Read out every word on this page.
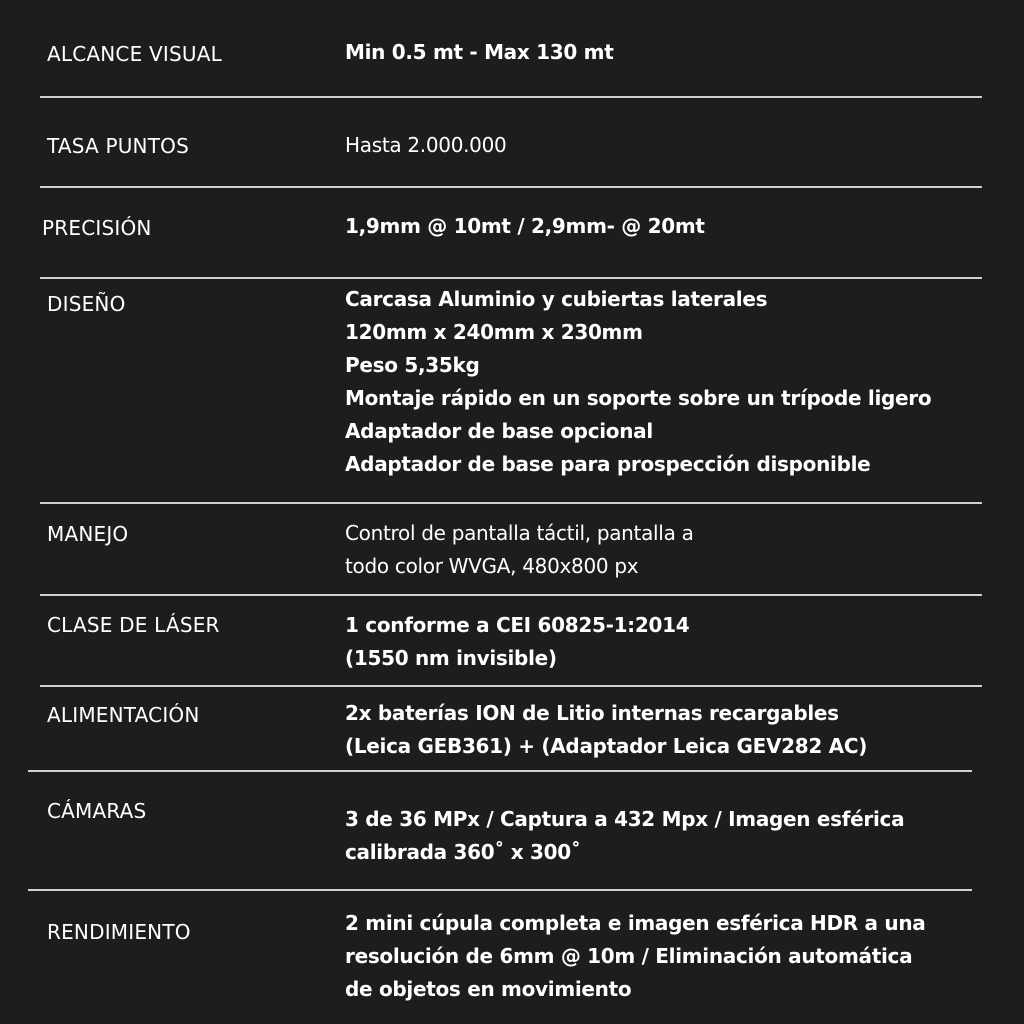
ALCANCE VISUAL	Min 0.5 mt - Max 130 mt
TASA PUNTOS	Hasta 2.000.000
PRECISIÓN	1,9mm @ 10mt / 2,9mm- @ 20mt
DISEÑO	Carcasa Aluminio y cubiertas laterales
120mm x 240mm x 230mm
Peso 5,35kg
Montaje rápido en un soporte sobre un trípode ligero
Adaptador de base opcional
Adaptador de base para prospección disponible
MANEJO	Control de pantalla táctil, pantalla a
todo color WVGA, 480x800 px
CLASE DE LÁSER	1 conforme a CEI 60825-1:2014
(1550 nm invisible)
ALIMENTACIÓN	2x baterías ION de Litio internas recargables
(Leica GEB361) + (Adaptador Leica GEV282 AC)
CÁMARAS	3 de 36 MPx / Captura a 432 Mpx / Imagen esférica
calibrada 360˚ x 300˚
RENDIMIENTO	2 mini cúpula completa e imagen esférica HDR a una
resolución de 6mm @ 10m / Eliminación automática
de objetos en movimiento
